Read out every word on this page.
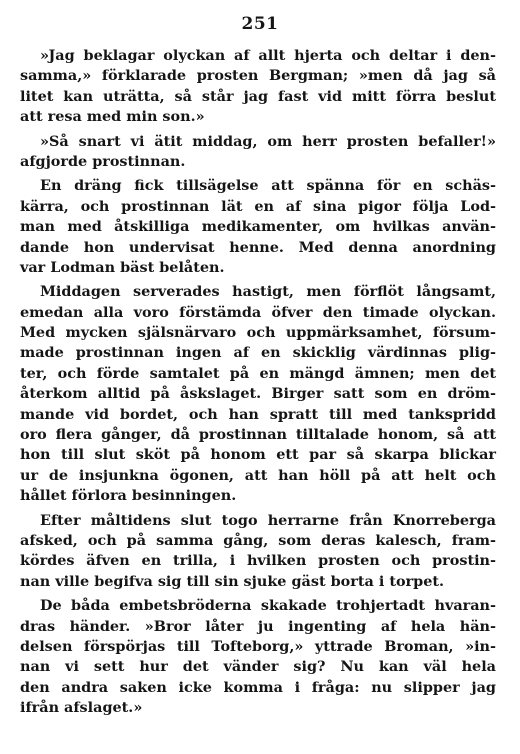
251
»Jag beklagar olyckan af allt hjerta och deltar i den-
samma,» förklarade prosten Bergman; »men då jag så
litet kan uträtta, så står jag fast vid mitt förra beslut
att resa med min son.»
»Så snart vi ätit middag, om herr prosten befaller!»
afgjorde prostinnan.
En dräng fick tillsägelse att spänna för en schäs-
kärra, och prostinnan lät en af sina pigor följa Lod-
man med åtskilliga medikamenter, om hvilkas använ-
dande hon undervisat henne. Med denna anordning
var Lodman bäst belåten.
Middagen serverades hastigt, men förflöt långsamt,
emedan alla voro förstämda öfver den timade olyckan.
Med mycken själsnärvaro och uppmärksamhet, försum-
made prostinnan ingen af en skicklig värdinnas plig-
ter, och förde samtalet på en mängd ämnen; men det
återkom alltid på åskslaget. Birger satt som en dröm-
mande vid bordet, och han spratt till med tankspridd
oro flera gånger, då prostinnan tilltalade honom, så att
hon till slut sköt på honom ett par så skarpa blickar
ur de insjunkna ögonen, att han höll på att helt och
hållet förlora besinningen.
Efter måltidens slut togo herrarne från Knorreberga
afsked, och på samma gång, som deras kalesch, fram-
kördes äfven en trilla, i hvilken prosten och prostin-
nan ville begifva sig till sin sjuke gäst borta i torpet.
De båda embetsbröderna skakade trohjertadt hvaran-
dras händer. »Bror låter ju ingenting af hela hän-
delsen förspörjas till Tofteborg,» yttrade Broman, »in-
nan vi sett hur det vänder sig? Nu kan väl hela
den andra saken icke komma i fråga: nu slipper jag
ifrån afslaget.»
